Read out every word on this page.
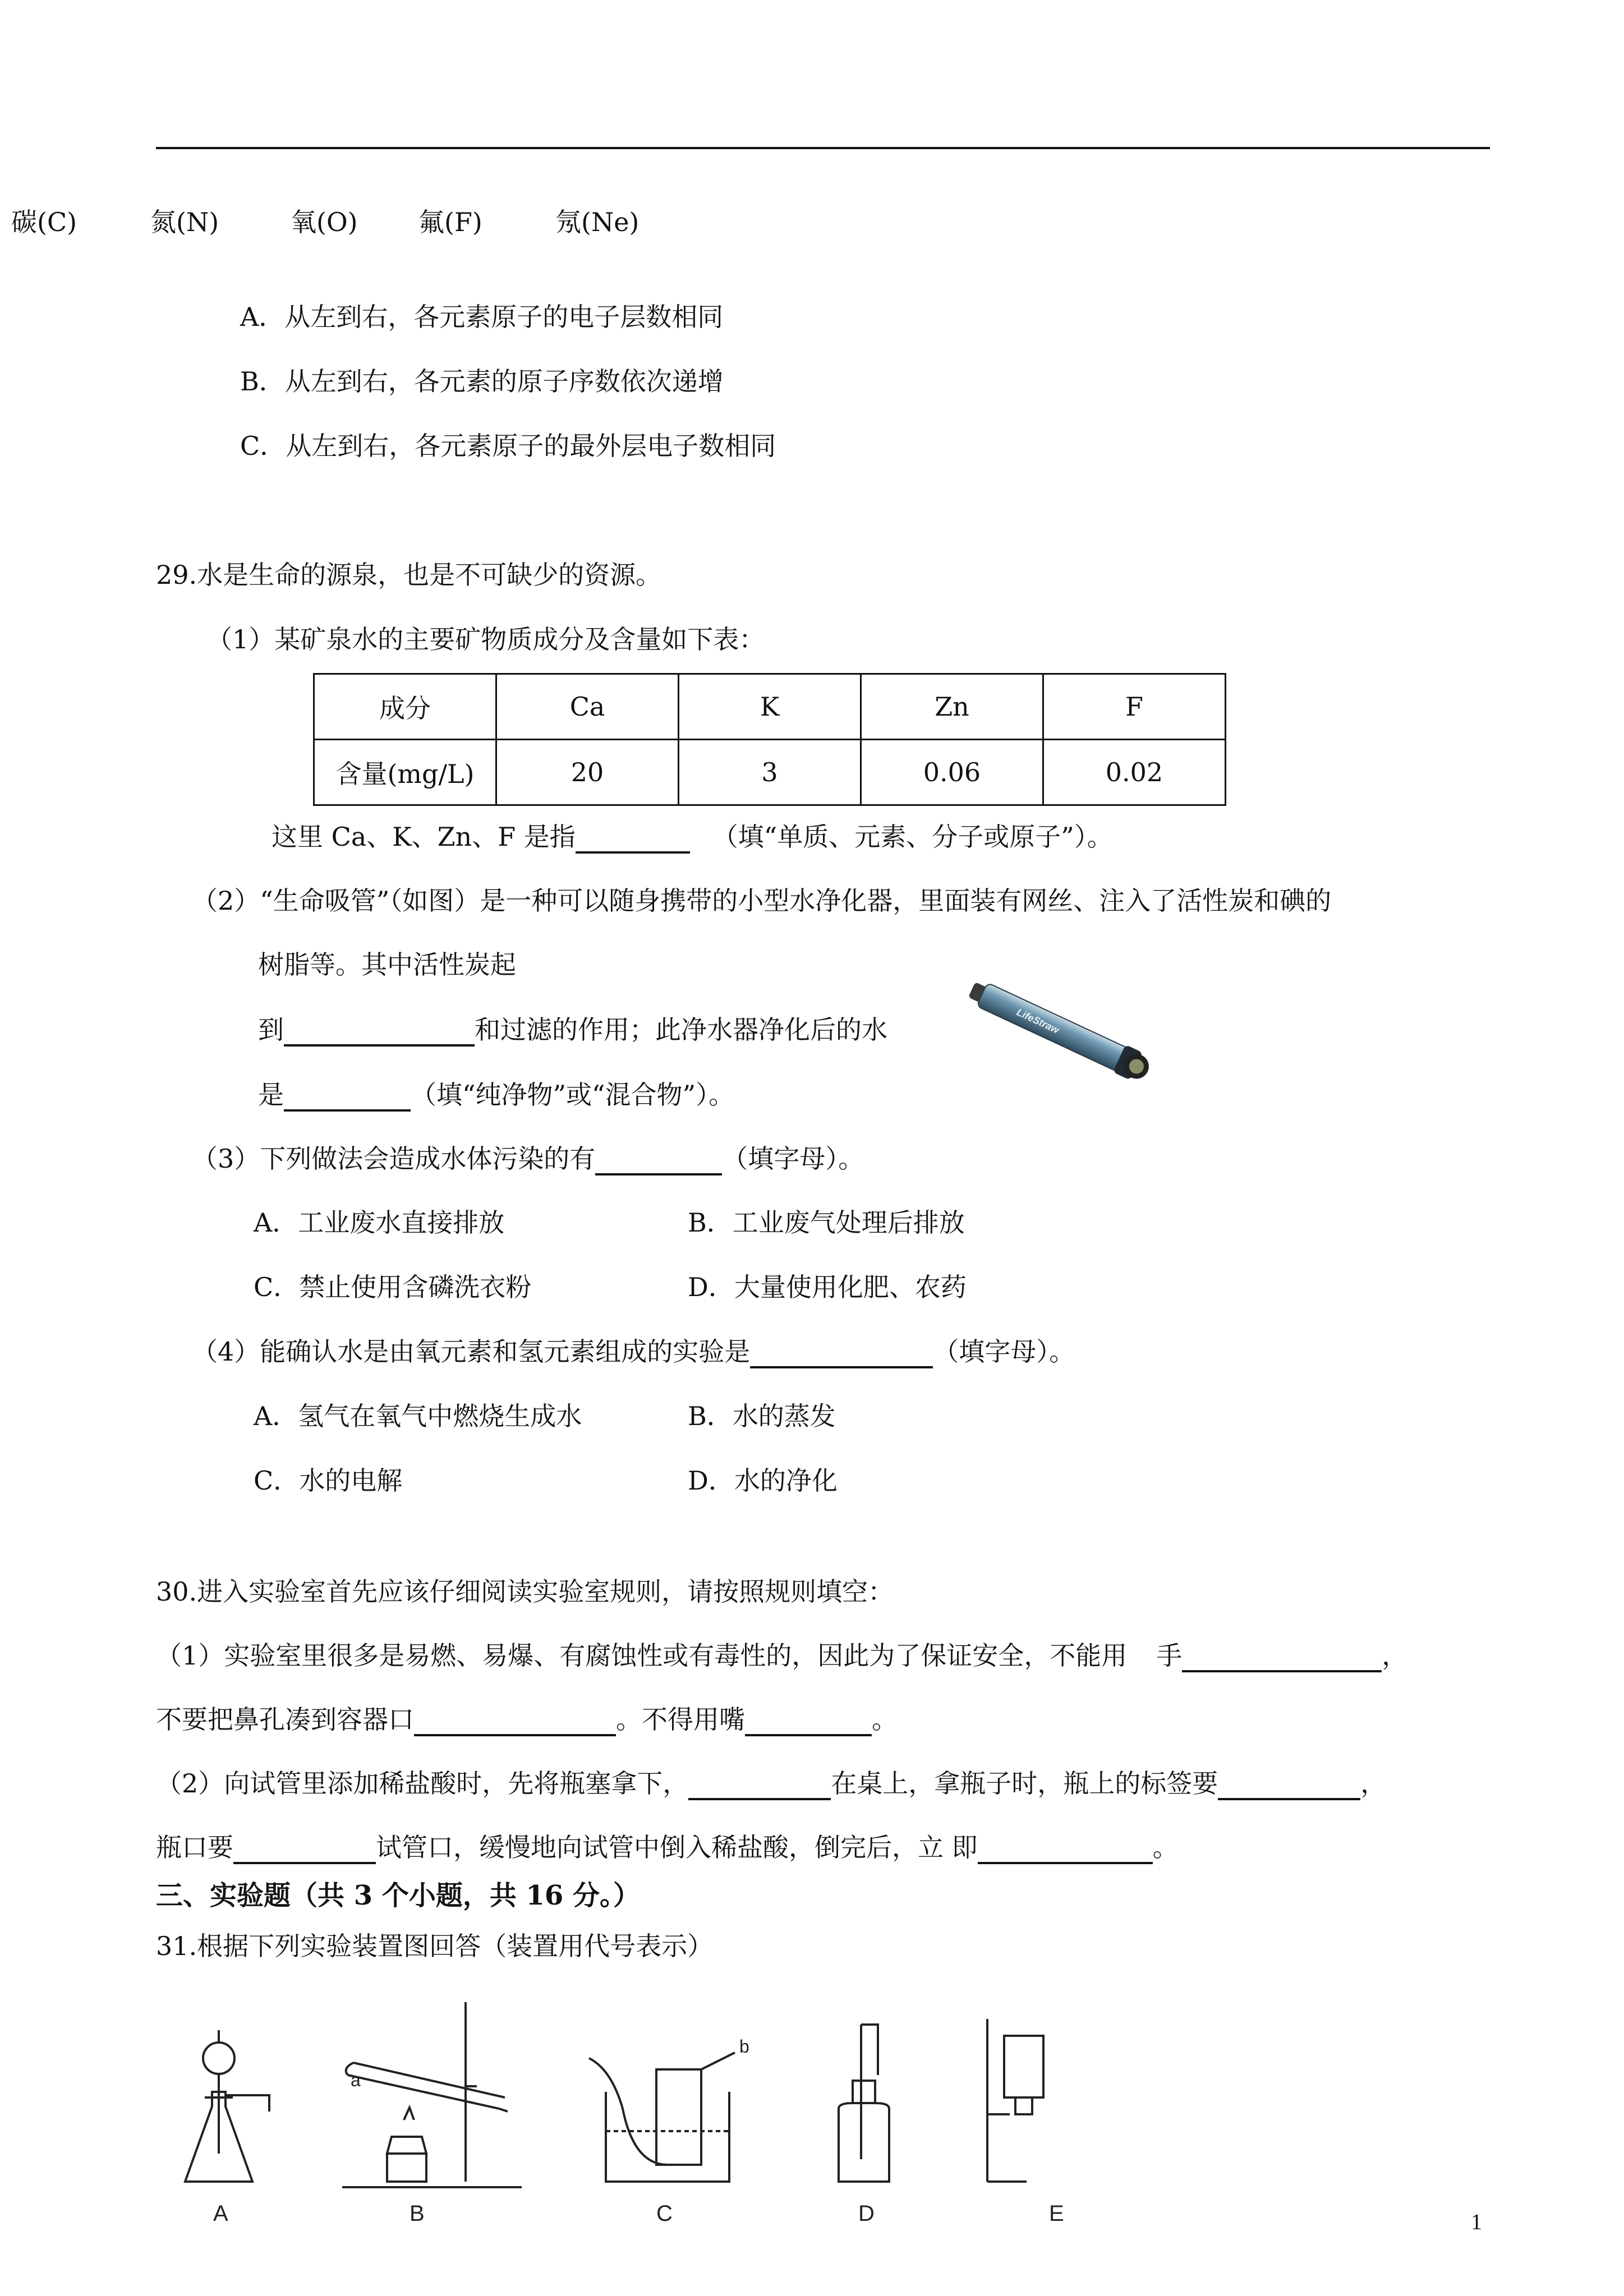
碳(C)	氮(N)	氧(O) 氟(F)	氖(Ne)
A．从左到右，各元素原子的电子层数相同
B．从左到右，各元素的原子序数依次递增
C．从左到右，各元素原子的最外层电子数相同
29.水是生命的源泉，也是不可缺少的资源。
（1）某矿泉水的主要矿物质成分及含量如下表：
成分	Ca	K	Zn	F
含量(mg/L)	20	3	0.06	0.02
这里 Ca、K、Zn、F 是指	（填“单质、元素、分子或原子”）。
（2）“生命吸管”（如图）是一种可以随身携带的小型水净化器，里面装有网丝、注入了活性炭和碘的
树脂等。其中活性炭起
到	和过滤的作用；此净水器净化后的水
是	（填“纯净物”或“混合物”）。
LifeStraw
（3）下列做法会造成水体污染的有	（填字母）。
A．工业废水直接排放	B．工业废气处理后排放
C．禁止使用含磷洗衣粉	D．大量使用化肥、农药
（4）能确认水是由氧元素和氢元素组成的实验是	（填字母）。
A．氢气在氧气中燃烧生成水	B．水的蒸发
C．水的电解	D．水的净化
30.进入实验室首先应该仔细阅读实验室规则，请按照规则填空：
（1）实验室里很多是易燃、易爆、有腐蚀性或有毒性的，因此为了保证安全，不能用 手	，
不要把鼻孔凑到容器口	。不得用嘴	。
（2）向试管里添加稀盐酸时，先将瓶塞拿下，	在桌上，拿瓶子时，瓶上的标签要	，
瓶口要	试管口，缓慢地向试管中倒入稀盐酸，倒完后，立 即	。
三、实验题（共 3 个小题，共 16 分。）
31.根据下列实验装置图回答（装置用代号表示）
a
b
A	B	C	D	E	1
